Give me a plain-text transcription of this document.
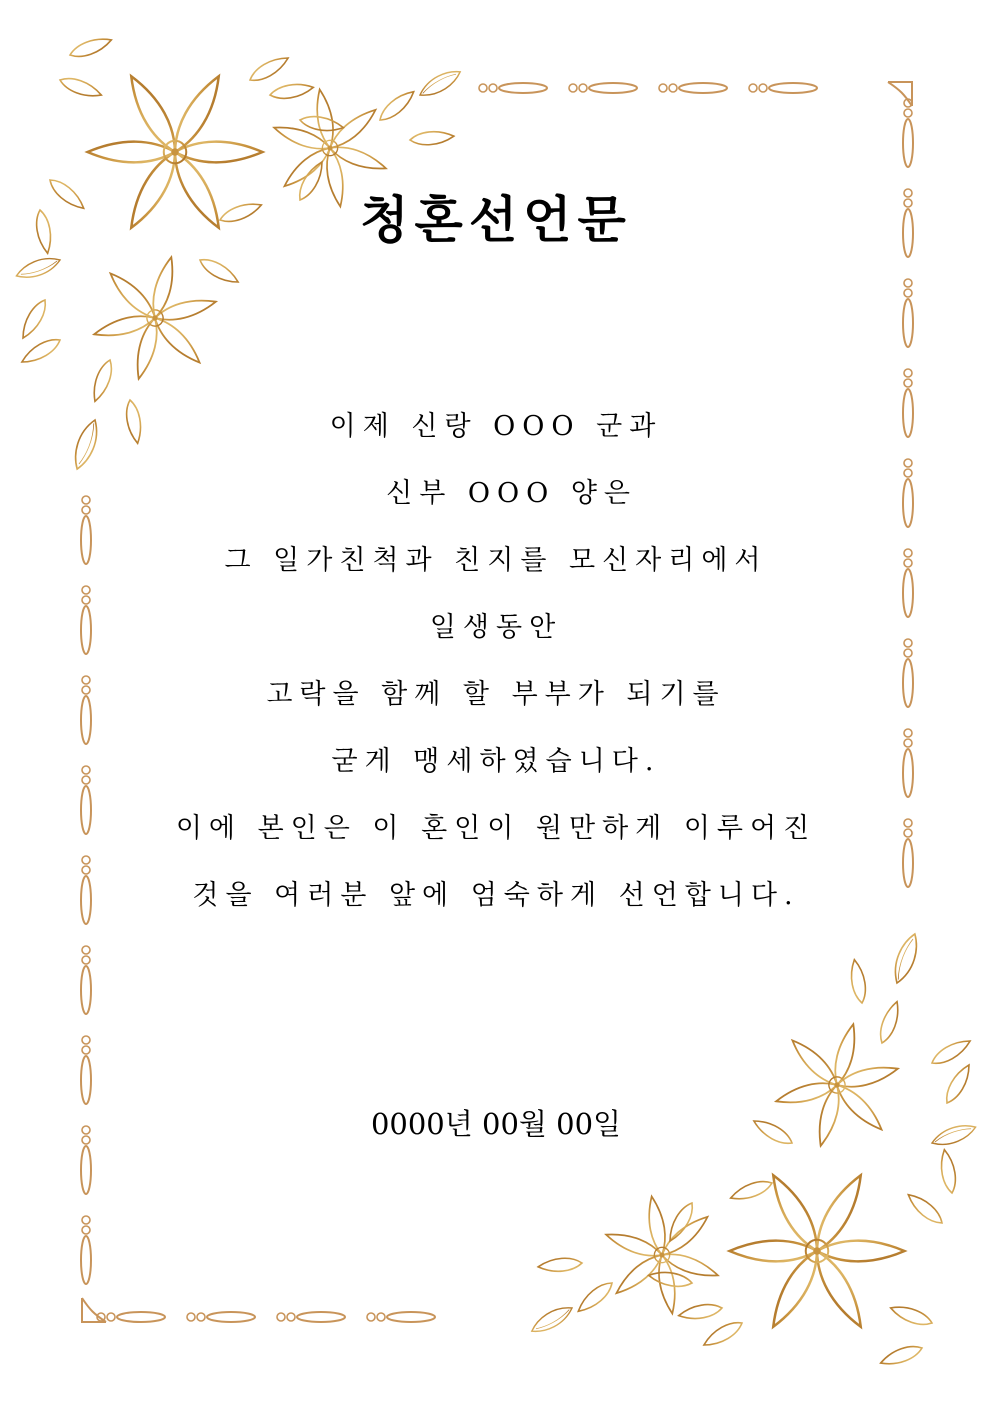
청혼선언문
이제 신랑 OOO 군과
신부 OOO 양은
그 일가친척과 친지를 모신자리에서
일생동안
고락을 함께 할 부부가 되기를
굳게 맹세하였습니다.
이에 본인은 이 혼인이 원만하게 이루어진
것을 여러분 앞에 엄숙하게 선언합니다.
0000년 00월 00일
